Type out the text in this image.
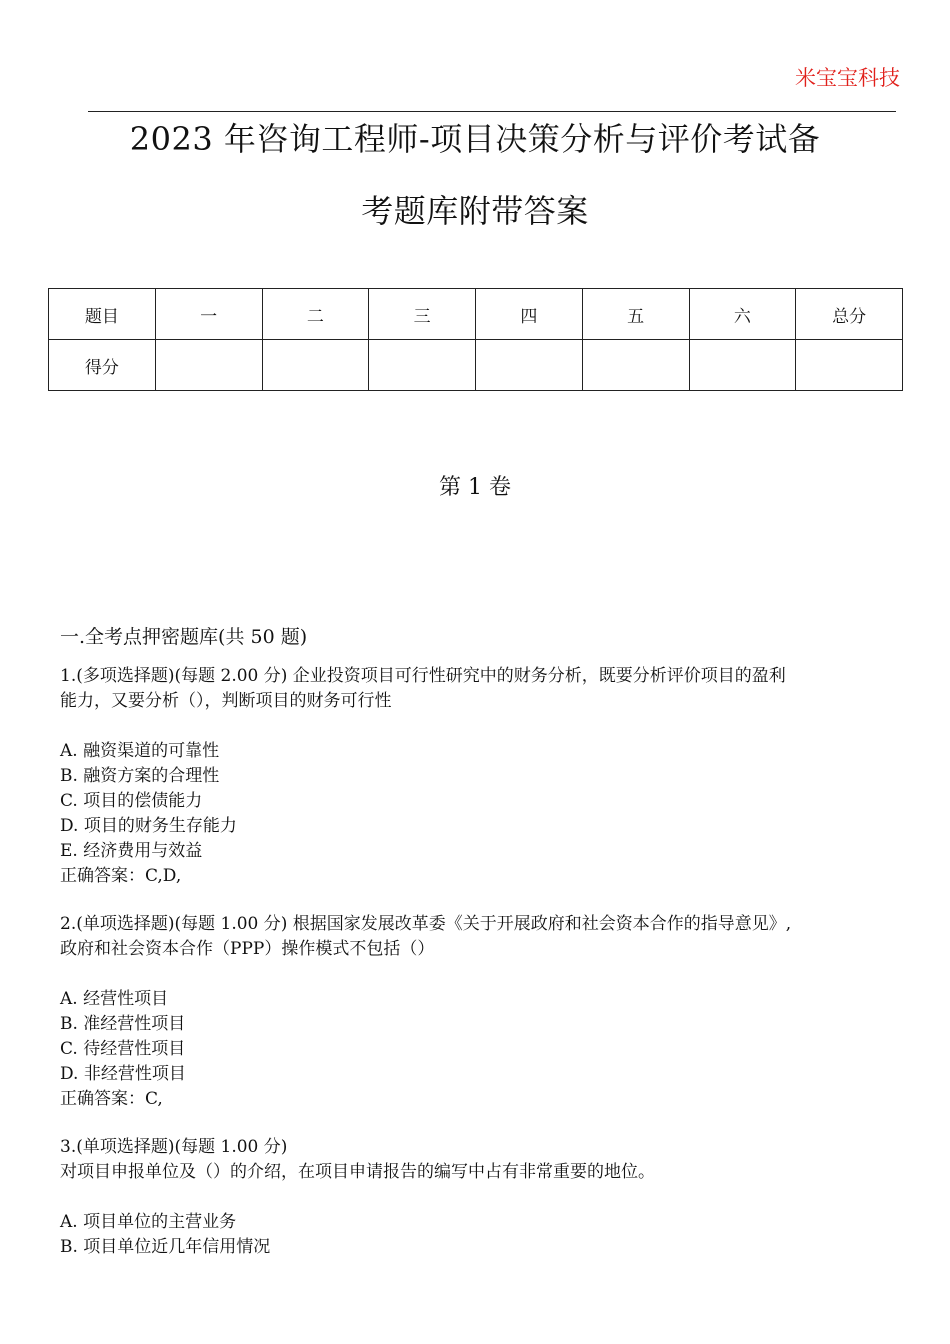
米宝宝科技
2023 年咨询工程师-项目决策分析与评价考试备
考题库附带答案
题目	一	二	三	四	五	六	总分
得分							
第 1 卷
一.全考点押密题库(共 50 题)

1.(多项选择题)(每题 2.00 分) 企业投资项目可行性研究中的财务分析，既要分析评价项目的盈利

能力，又要分析（），判断项目的财务可行性

A. 融资渠道的可靠性

B. 融资方案的合理性

C. 项目的偿债能力

D. 项目的财务生存能力

E. 经济费用与效益

正确答案：C,D,

2.(单项选择题)(每题 1.00 分) 根据国家发展改革委《关于开展政府和社会资本合作的指导意见》,

政府和社会资本合作（PPP）操作模式不包括（）

A. 经营性项目

B. 准经营性项目

C. 待经营性项目

D. 非经营性项目

正确答案：C,

3.(单项选择题)(每题 1.00 分)

对项目申报单位及（）的介绍，在项目申请报告的编写中占有非常重要的地位。

A. 项目单位的主营业务

B. 项目单位近几年信用情况
